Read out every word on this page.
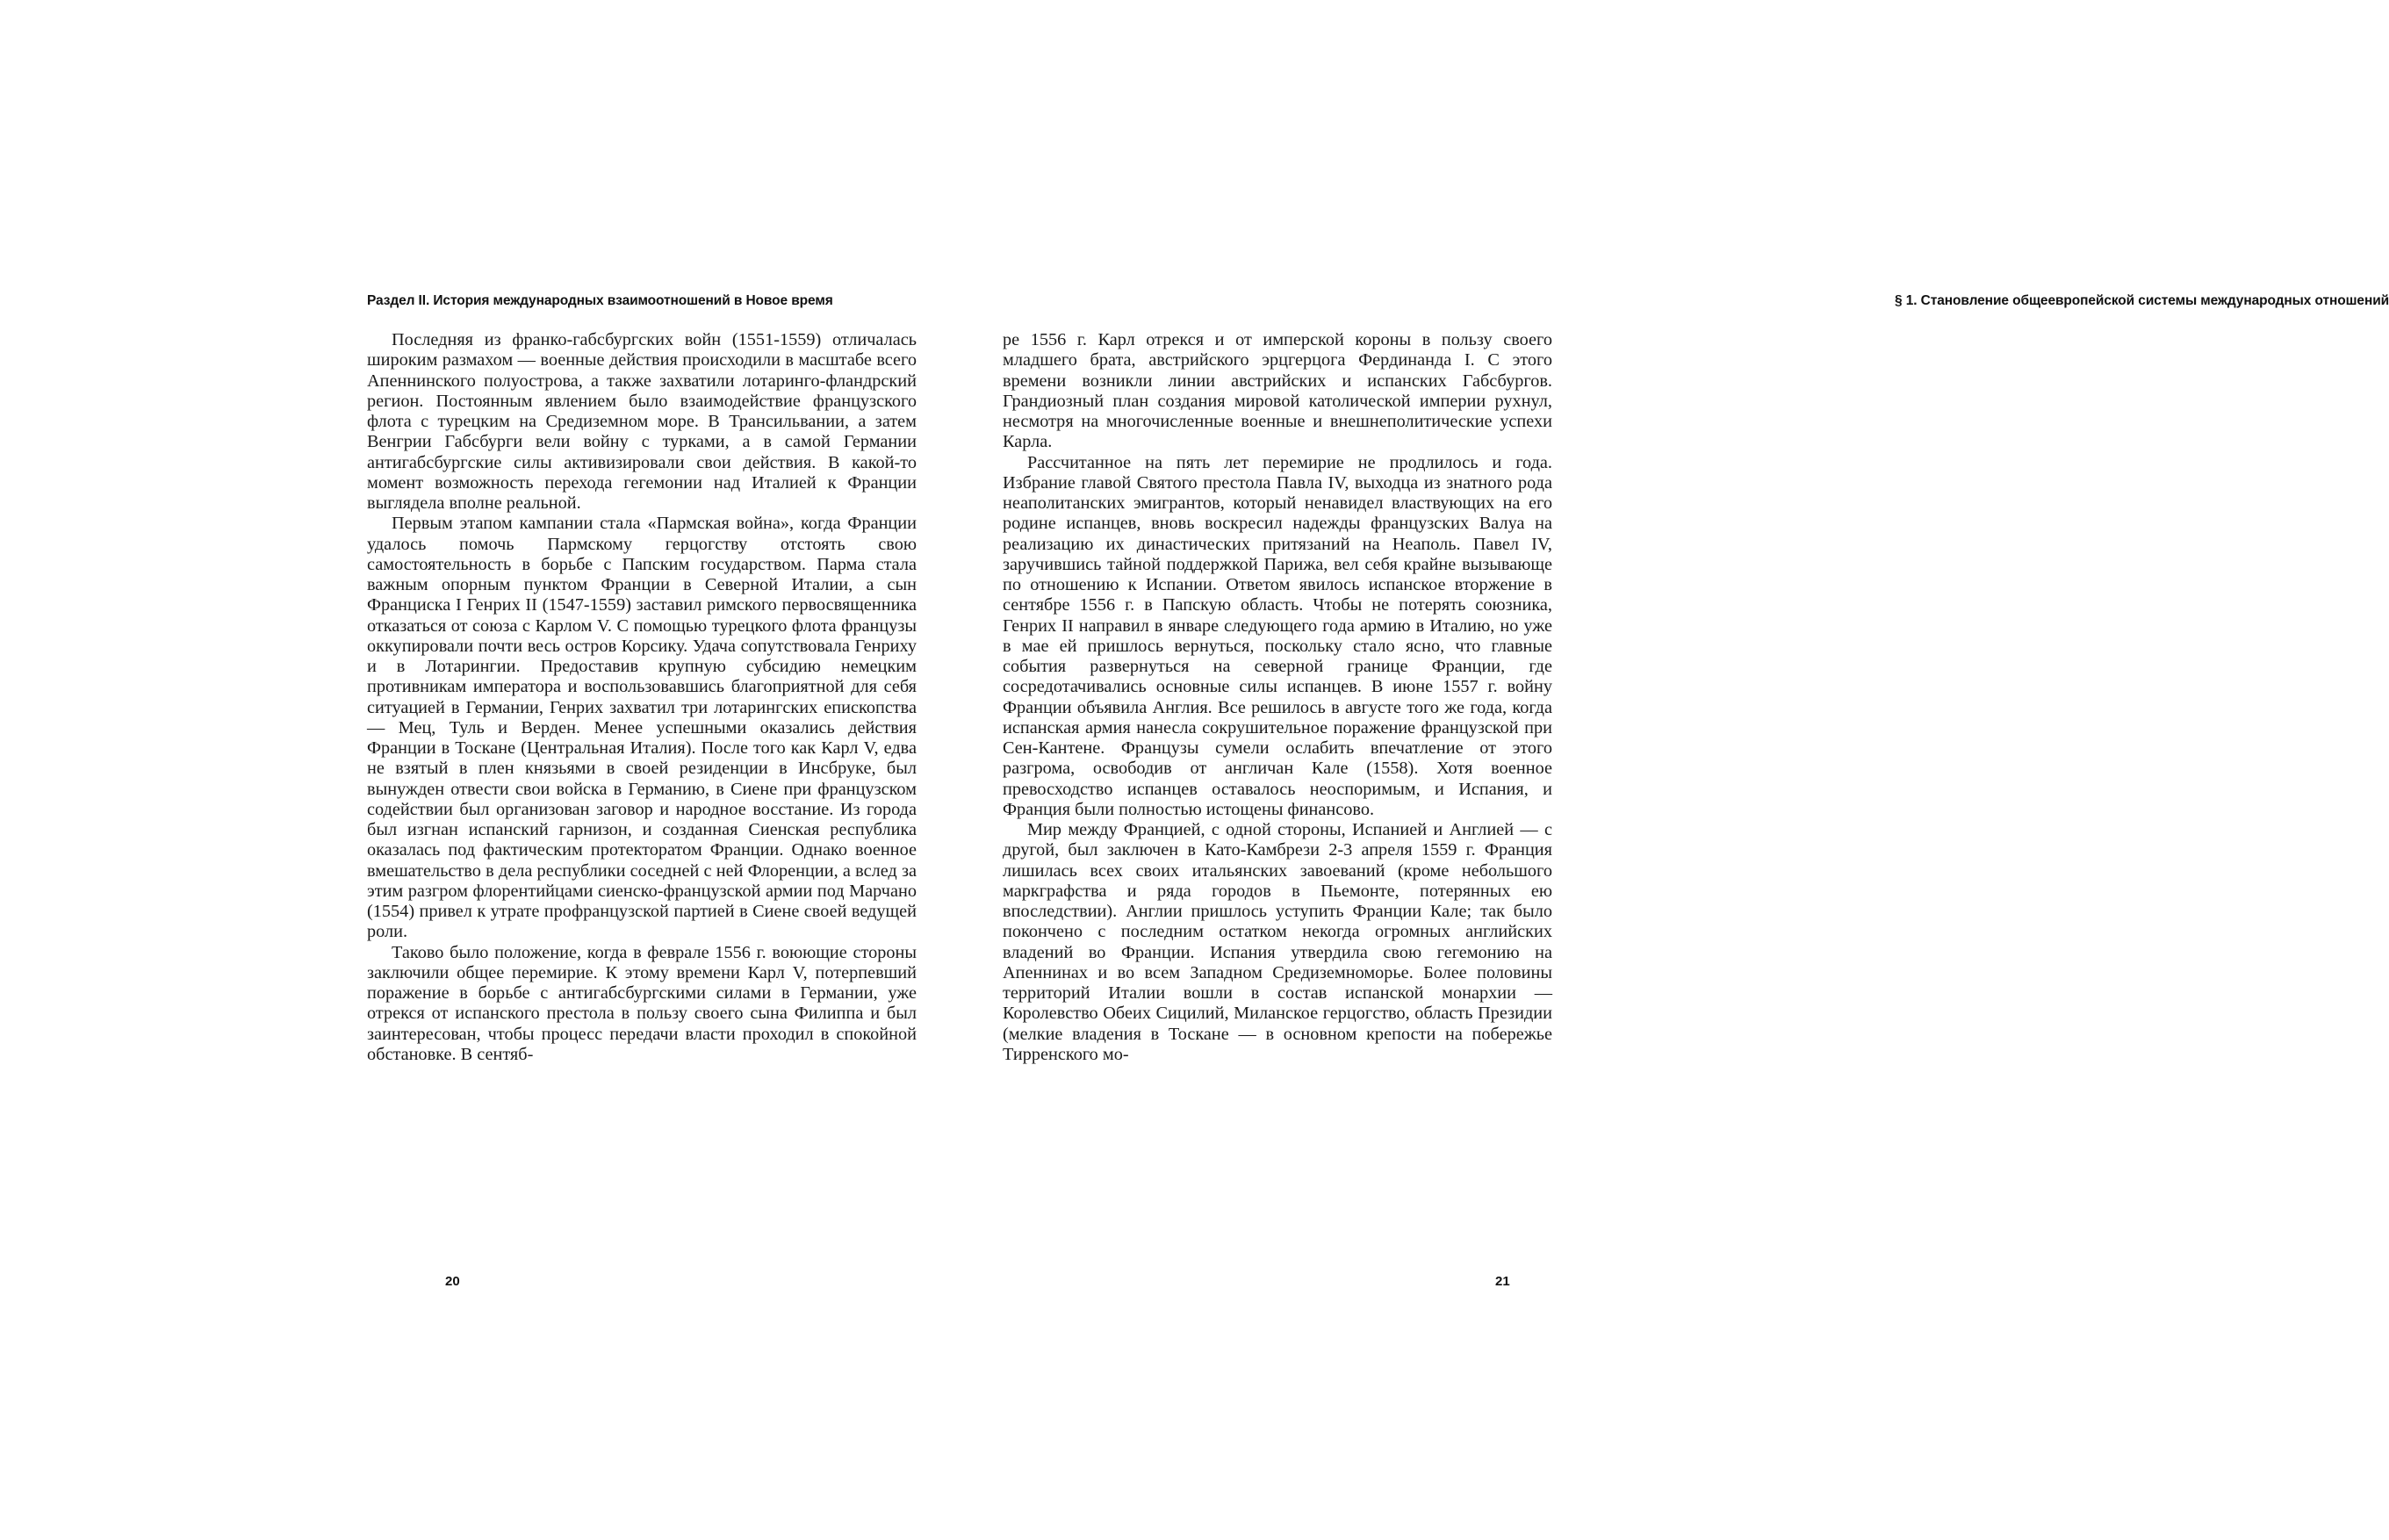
Раздел II. История международных взаимоотношений в Новое время

Последняя из франко-габсбургских войн (1551-1559) отличалась широким размахом — военные действия происходили в масштабе всего Апеннинского полуострова, а также захватили лотаринго-фландрский регион. Постоянным явлением было взаимодействие французского флота с турецким на Средиземном море. В Трансильвании, а затем Венгрии Габсбурги вели войну с турками, а в самой Германии антигабсбургские силы активизировали свои действия. В какой-то момент возможность перехода гегемонии над Италией к Франции выглядела вполне реальной.

Первым этапом кампании стала «Пармская война», когда Франции удалось помочь Пармскому герцогству отстоять свою самостоятельность в борьбе с Папским государством. Парма стала важным опорным пунктом Франции в Северной Италии, а сын Франциска I Генрих II (1547-1559) заставил римского первосвященника отказаться от союза с Карлом V. С помощью турецкого флота французы оккупировали почти весь остров Корсику. Удача сопутствовала Генриху и в Лотарингии. Предоставив крупную субсидию немецким противникам императора и воспользовавшись благоприятной для себя ситуацией в Германии, Генрих захватил три лотарингских епископства — Мец, Туль и Верден. Менее успешными оказались действия Франции в Тоскане (Центральная Италия). После того как Карл V, едва не взятый в плен князьями в своей резиденции в Инсбруке, был вынужден отвести свои войска в Германию, в Сиене при французском содействии был организован заговор и народное восстание. Из города был изгнан испанский гарнизон, и созданная Сиенская республика оказалась под фактическим протекторатом Франции. Однако военное вмешательство в дела республики соседней с ней Флоренции, а вслед за этим разгром флорентийцами сиенско-французской армии под Марчано (1554) привел к утрате профранцузской партией в Сиене своей ведущей роли.

Таково было положение, когда в феврале 1556 г. воюющие стороны заключили общее перемирие. К этому времени Карл V, потерпевший поражение в борьбе с антигабсбургскими силами в Германии, уже отрекся от испанского престола в пользу своего сына Филиппа и был заинтересован, чтобы процесс передачи власти проходил в спокойной обстановке. В сентяб-

20
§ 1. Становление общеевропейской системы международных отношений

ре 1556 г. Карл отрекся и от имперской короны в пользу своего младшего брата, австрийского эрцгерцога Фердинанда I. С этого времени возникли линии австрийских и испанских Габсбургов. Грандиозный план создания мировой католической империи рухнул, несмотря на многочисленные военные и внешнеполитические успехи Карла.

Рассчитанное на пять лет перемирие не продлилось и года. Избрание главой Святого престола Павла IV, выходца из знатного рода неаполитанских эмигрантов, который ненавидел властвующих на его родине испанцев, вновь воскресил надежды французских Валуа на реализацию их династических притязаний на Неаполь. Павел IV, заручившись тайной поддержкой Парижа, вел себя крайне вызывающе по отношению к Испании. Ответом явилось испанское вторжение в сентябре 1556 г. в Папскую область. Чтобы не потерять союзника, Генрих II направил в январе следующего года армию в Италию, но уже в мае ей пришлось вернуться, поскольку стало ясно, что главные события развернуться на северной границе Франции, где сосредотачивались основные силы испанцев. В июне 1557 г. войну Франции объявила Англия. Все решилось в августе того же года, когда испанская армия нанесла сокрушительное поражение французской при Сен-Кантене. Французы сумели ослабить впечатление от этого разгрома, освободив от англичан Кале (1558). Хотя военное превосходство испанцев оставалось неоспоримым, и Испания, и Франция были полностью истощены финансово.

Мир между Францией, с одной стороны, Испанией и Англией — с другой, был заключен в Като-Камбрези 2-3 апреля 1559 г. Франция лишилась всех своих итальянских завоеваний (кроме небольшого маркграфства и ряда городов в Пьемонте, потерянных ею впоследствии). Англии пришлось уступить Франции Кале; так было покончено с последним остатком некогда огромных английских владений во Франции. Испания утвердила свою гегемонию на Апеннинах и во всем Западном Средиземноморье. Более половины территорий Италии вошли в состав испанской монархии — Королевство Обеих Сицилий, Миланское герцогство, область Президии (мелкие владения в Тоскане — в основном крепости на побережье Тирренского мо-

21
